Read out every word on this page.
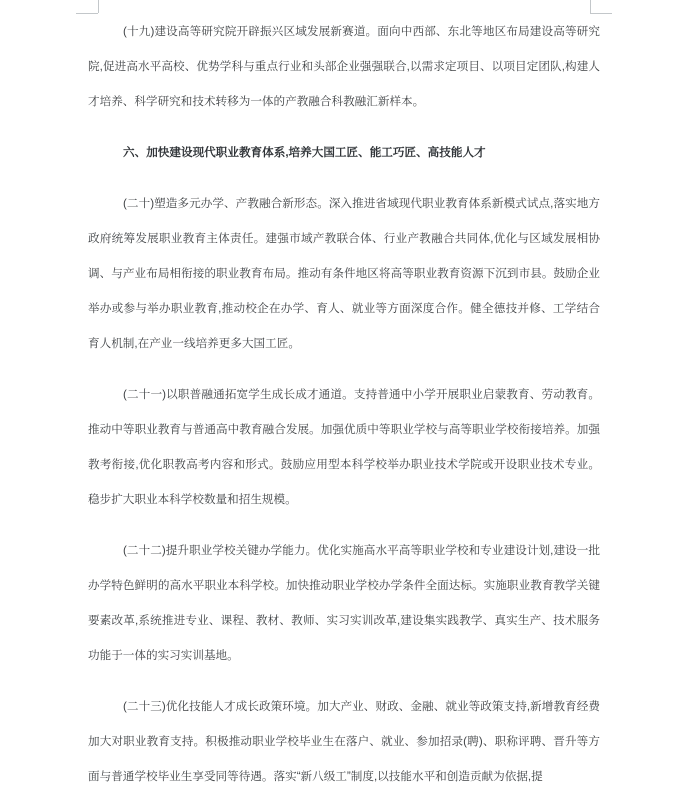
(十九)建设高等研究院开辟振兴区域发展新赛道。面向中西部、东北等地区布局建设高等研究院,促进高水平高校、优势学科与重点行业和头部企业强强联合,以需求定项目、以项目定团队,构建人才培养、科学研究和技术转移为一体的产教融合科教融汇新样本。

六、加快建设现代职业教育体系,培养大国工匠、能工巧匠、高技能人才

(二十)塑造多元办学、产教融合新形态。深入推进省域现代职业教育体系新模式试点,落实地方政府统筹发展职业教育主体责任。建强市域产教联合体、行业产教融合共同体,优化与区域发展相协调、与产业布局相衔接的职业教育布局。推动有条件地区将高等职业教育资源下沉到市县。鼓励企业举办或参与举办职业教育,推动校企在办学、育人、就业等方面深度合作。健全德技并修、工学结合育人机制,在产业一线培养更多大国工匠。

(二十一)以职普融通拓宽学生成长成才通道。支持普通中小学开展职业启蒙教育、劳动教育。推动中等职业教育与普通高中教育融合发展。加强优质中等职业学校与高等职业学校衔接培养。加强教考衔接,优化职教高考内容和形式。鼓励应用型本科学校举办职业技术学院或开设职业技术专业。稳步扩大职业本科学校数量和招生规模。

(二十二)提升职业学校关键办学能力。优化实施高水平高等职业学校和专业建设计划,建设一批办学特色鲜明的高水平职业本科学校。加快推动职业学校办学条件全面达标。实施职业教育教学关键要素改革,系统推进专业、课程、教材、教师、实习实训改革,建设集实践教学、真实生产、技术服务功能于一体的实习实训基地。

(二十三)优化技能人才成长政策环境。加大产业、财政、金融、就业等政策支持,新增教育经费加大对职业教育支持。积极推动职业学校毕业生在落户、就业、参加招录(聘)、职称评聘、晋升等方面与普通学校毕业生享受同等待遇。落实“新八级工”制度,以技能水平和创造贡献为依据,提
